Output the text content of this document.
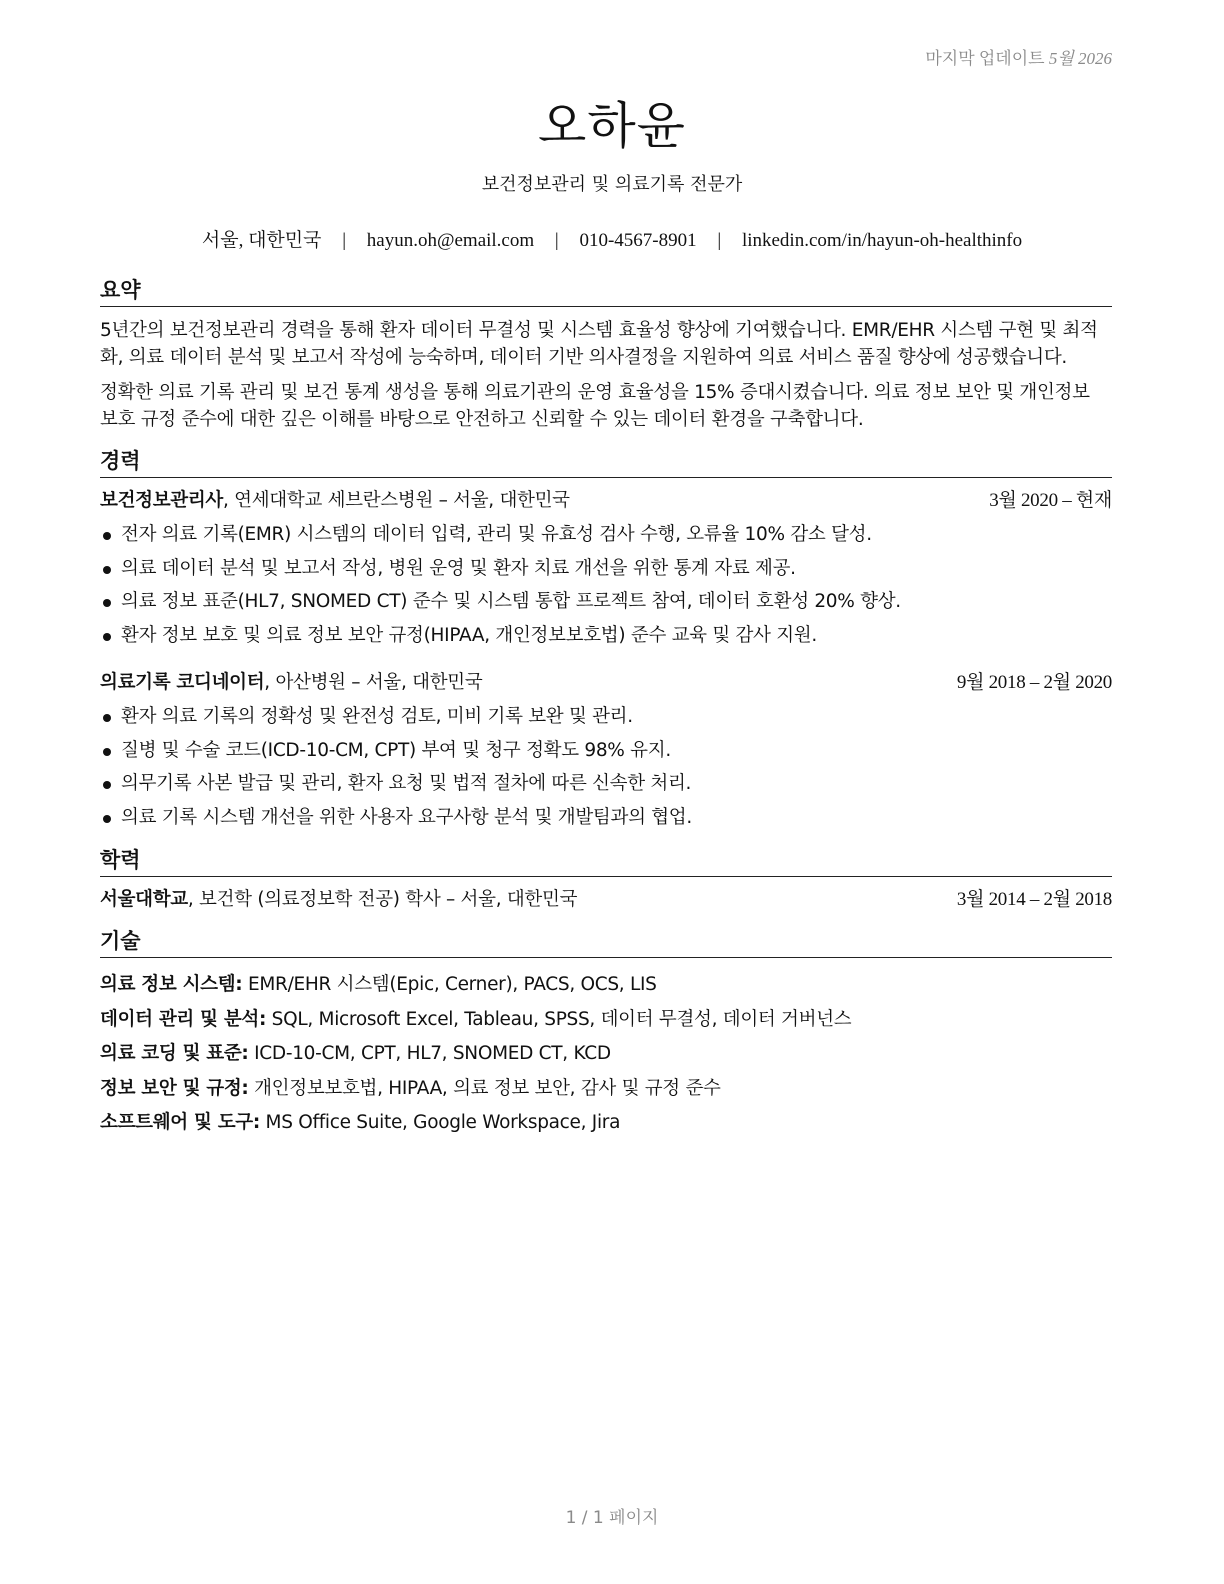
마지막 업데이트 5월 2026
오하윤
보건정보관리 및 의료기록 전문가
서울, 대한민국 | hayun.oh@email.com | 010-4567-8901 | linkedin.com/in/hayun-oh-healthinfo
요약

5년간의 보건정보관리 경력을 통해 환자 데이터 무결성 및 시스템 효율성 향상에 기여했습니다. EMR/EHR 시스템 구현 및 최적화, 의료 데이터 분석 및 보고서 작성에 능숙하며, 데이터 기반 의사결정을 지원하여 의료 서비스 품질 향상에 성공했습니다.

정확한 의료 기록 관리 및 보건 통계 생성을 통해 의료기관의 운영 효율성을 15% 증대시켰습니다. 의료 정보 보안 및 개인정보 보호 규정 준수에 대한 깊은 이해를 바탕으로 안전하고 신뢰할 수 있는 데이터 환경을 구축합니다.

경력
보건정보관리사, 연세대학교 세브란스병원 – 서울, 대한민국	3월 2020 – 현재
전자 의료 기록(EMR) 시스템의 데이터 입력, 관리 및 유효성 검사 수행, 오류율 10% 감소 달성.
의료 데이터 분석 및 보고서 작성, 병원 운영 및 환자 치료 개선을 위한 통계 자료 제공.
의료 정보 표준(HL7, SNOMED CT) 준수 및 시스템 통합 프로젝트 참여, 데이터 호환성 20% 향상.
환자 정보 보호 및 의료 정보 보안 규정(HIPAA, 개인정보보호법) 준수 교육 및 감사 지원.
의료기록 코디네이터, 아산병원 – 서울, 대한민국	9월 2018 – 2월 2020
환자 의료 기록의 정확성 및 완전성 검토, 미비 기록 보완 및 관리.
질병 및 수술 코드(ICD-10-CM, CPT) 부여 및 청구 정확도 98% 유지.
의무기록 사본 발급 및 관리, 환자 요청 및 법적 절차에 따른 신속한 처리.
의료 기록 시스템 개선을 위한 사용자 요구사항 분석 및 개발팀과의 협업.
학력
서울대학교, 보건학 (의료정보학 전공) 학사 – 서울, 대한민국	3월 2014 – 2월 2018
기술
의료 정보 시스템: EMR/EHR 시스템(Epic, Cerner), PACS, OCS, LIS
데이터 관리 및 분석: SQL, Microsoft Excel, Tableau, SPSS, 데이터 무결성, 데이터 거버넌스
의료 코딩 및 표준: ICD-10-CM, CPT, HL7, SNOMED CT, KCD
정보 보안 및 규정: 개인정보보호법, HIPAA, 의료 정보 보안, 감사 및 규정 준수
소프트웨어 및 도구: MS Office Suite, Google Workspace, Jira
1 / 1 페이지
